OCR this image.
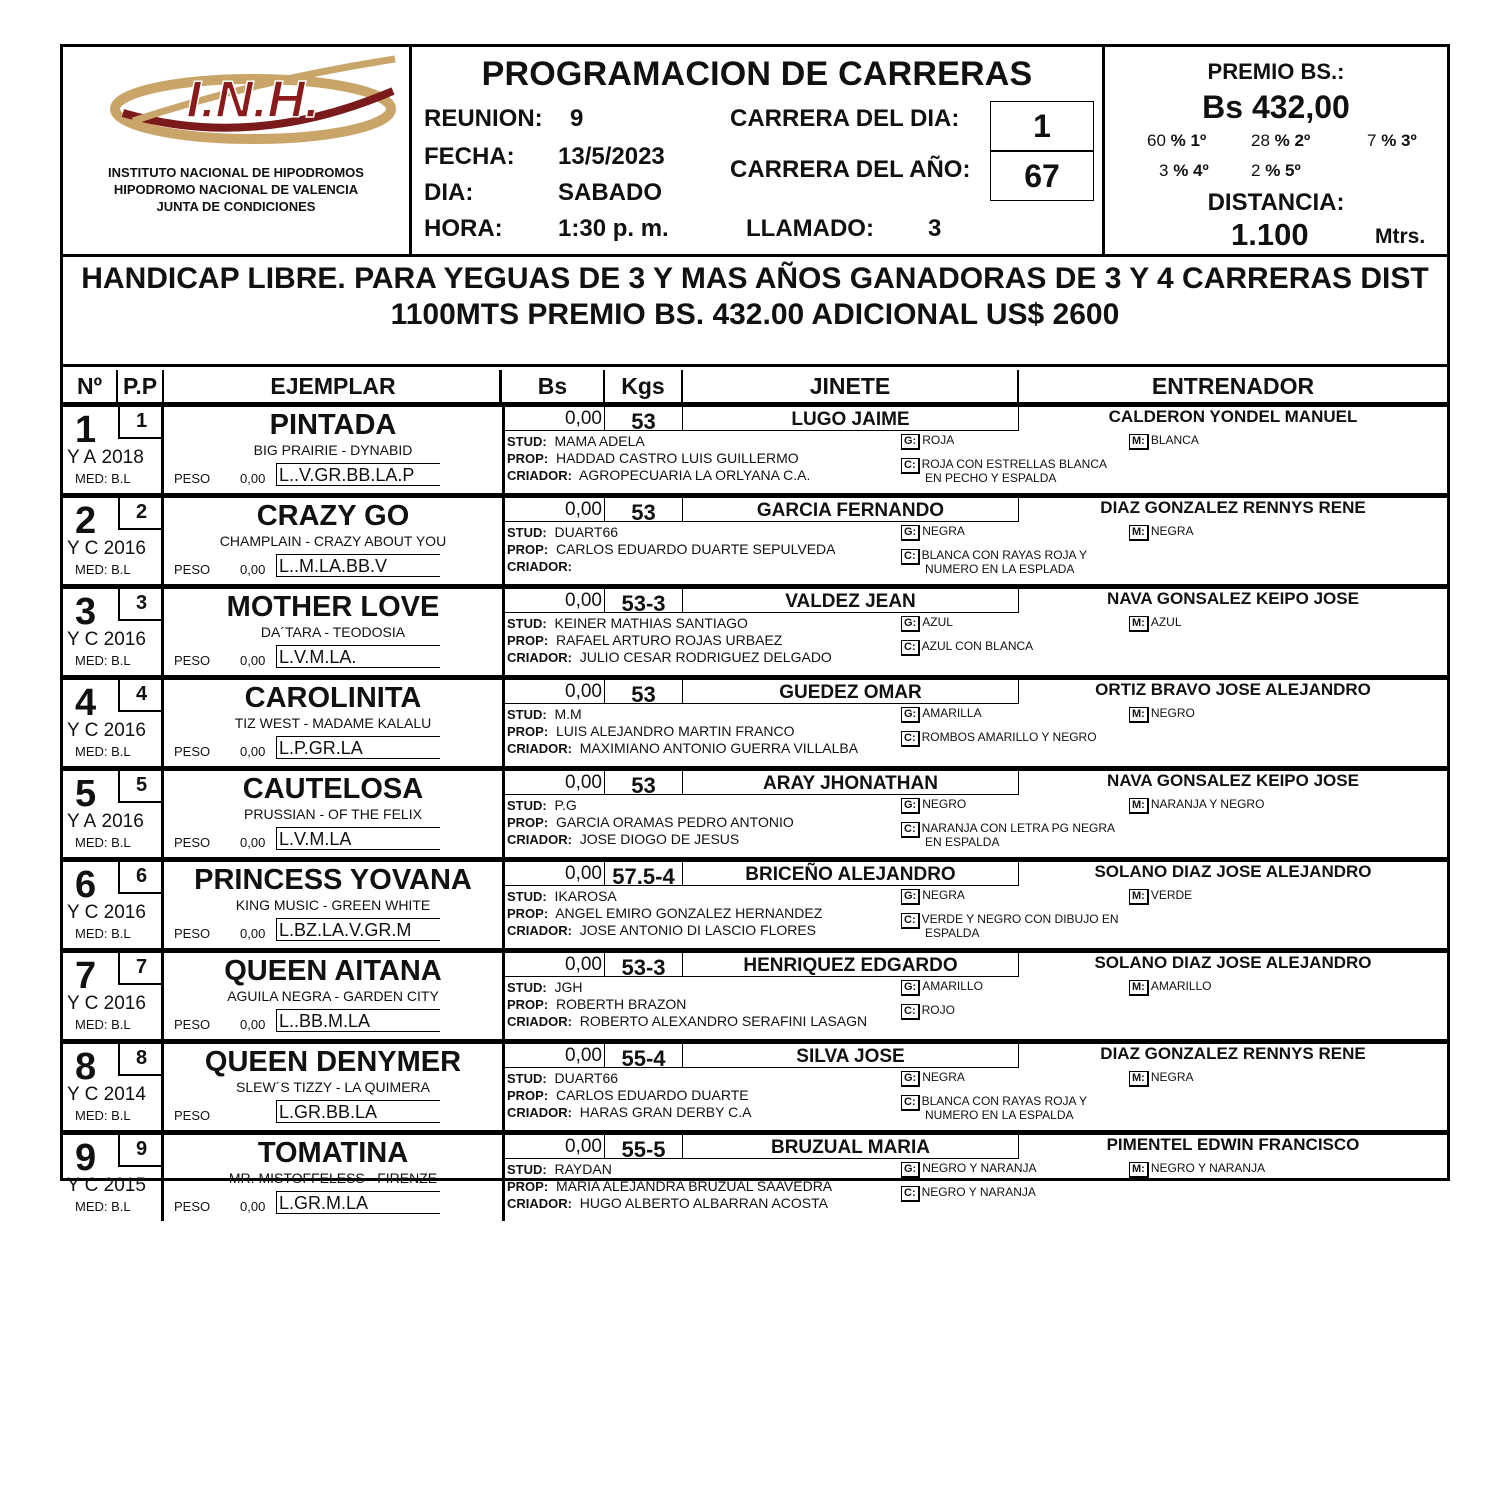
I.N.H.
INSTITUTO NACIONAL DE HIPODROMOS
HIPODROMO NACIONAL DE VALENCIA
JUNTA DE CONDICIONES
PROGRAMACION DE CARRERAS
REUNION: 9
FECHA: 13/5/2023
DIA:	SABADO
HORA: 1:30 p. m.
CARRERA DEL DIA:	1
CARRERA DEL AÑO:	67
LLAMADO: 3
PREMIO BS.:
Bs 432,00
60 % 1º	28 % 2º	7 % 3º
3 % 4º 2 % 5º
DISTANCIA:
1.100	Mtrs.
HANDICAP LIBRE. PARA YEGUAS DE 3 Y MAS AÑOS GANADORAS DE 3 Y 4 CARRERAS DIST
1100MTS PREMIO BS. 432.00 ADICIONAL US$ 2600
Nº P.P	EJEMPLAR	Bs	Kgs	JINETE	ENTRENADOR
1	1
Y A 2018
MED: B.L
PINTADA
BIG PRAIRIE - DYNABID
PESO 0,00 L..V.GR.BB.LA.P
0,00	53	LUGO JAIME	CALDERON YONDEL MANUEL
STUD: MAMA ADELA
PROP: HADDAD CASTRO LUIS GUILLERMO
CRIADOR: AGROPECUARIA LA ORLYANA C.A.
G: ROJA
C: ROJA CON ESTRELLAS BLANCA
EN PECHO Y ESPALDA
M: BLANCA
2	2
Y C 2016
MED: B.L
CRAZY GO
CHAMPLAIN - CRAZY ABOUT YOU
PESO 0,00 L..M.LA.BB.V
0,00	53	GARCIA FERNANDO	DIAZ GONZALEZ RENNYS RENE
STUD: DUART66
PROP: CARLOS EDUARDO DUARTE SEPULVEDA
CRIADOR:
G: NEGRA
C: BLANCA CON RAYAS ROJA Y
NUMERO EN LA ESPLADA
M: NEGRA
3	3
Y C 2016
MED: B.L
MOTHER LOVE
DA´TARA - TEODOSIA
PESO 0,00 L.V.M.LA.
0,00 53-3	VALDEZ JEAN	NAVA GONSALEZ KEIPO JOSE
STUD: KEINER MATHIAS SANTIAGO
PROP: RAFAEL ARTURO ROJAS URBAEZ
CRIADOR: JULIO CESAR RODRIGUEZ DELGADO
G: AZUL
C: AZUL CON BLANCA
M: AZUL
4	4
Y C 2016
MED: B.L
CAROLINITA
TIZ WEST - MADAME KALALU
PESO 0,00 L.P.GR.LA
0,00	53	GUEDEZ OMAR	ORTIZ BRAVO JOSE ALEJANDRO
STUD: M.M
PROP: LUIS ALEJANDRO MARTIN FRANCO
CRIADOR: MAXIMIANO ANTONIO GUERRA VILLALBA
G: AMARILLA
C: ROMBOS AMARILLO Y NEGRO
M: NEGRO
5	5
Y A 2016
MED: B.L
CAUTELOSA
PRUSSIAN - OF THE FELIX
PESO 0,00 L.V.M.LA
0,00	53	ARAY JHONATHAN	NAVA GONSALEZ KEIPO JOSE
STUD: P.G
PROP: GARCIA ORAMAS PEDRO ANTONIO
CRIADOR: JOSE DIOGO DE JESUS
G: NEGRO
C: NARANJA CON LETRA PG NEGRA
EN ESPALDA
M: NARANJA Y NEGRO
6	6
Y C 2016
MED: B.L
PRINCESS YOVANA
KING MUSIC - GREEN WHITE
PESO 0,00 L.BZ.LA.V.GR.M
0,00 57.5-4	BRICEÑO ALEJANDRO	SOLANO DIAZ JOSE ALEJANDRO
STUD: IKAROSA
PROP: ANGEL EMIRO GONZALEZ HERNANDEZ
CRIADOR: JOSE ANTONIO DI LASCIO FLORES
G: NEGRA
C: VERDE Y NEGRO CON DIBUJO EN
ESPALDA
M: VERDE
7	7
Y C 2016
MED: B.L
QUEEN AITANA
AGUILA NEGRA - GARDEN CITY
PESO 0,00 L..BB.M.LA
0,00 53-3	HENRIQUEZ EDGARDO	SOLANO DIAZ JOSE ALEJANDRO
STUD: JGH
PROP: ROBERTH BRAZON
CRIADOR: ROBERTO ALEXANDRO SERAFINI LASAGN
G: AMARILLO
C: ROJO
M: AMARILLO
8	8
Y C 2014
MED: B.L
QUEEN DENYMER
SLEW´S TIZZY - LA QUIMERA
PESO	L.GR.BB.LA
0,00 55-4	SILVA JOSE	DIAZ GONZALEZ RENNYS RENE
STUD: DUART66
PROP: CARLOS EDUARDO DUARTE
CRIADOR: HARAS GRAN DERBY C.A
G: NEGRA
C: BLANCA CON RAYAS ROJA Y
NUMERO EN LA ESPALDA
M: NEGRA
9	9
Y C 2015
MED: B.L
TOMATINA
MR. MISTOFFELESS - FIRENZE
PESO 0,00 L.GR.M.LA
0,00 55-5	BRUZUAL MARIA	PIMENTEL EDWIN FRANCISCO
STUD: RAYDAN
PROP: MARIA ALEJANDRA BRUZUAL SAAVEDRA
CRIADOR: HUGO ALBERTO ALBARRAN ACOSTA
G: NEGRO Y NARANJA
C: NEGRO Y NARANJA
M: NEGRO Y NARANJA
